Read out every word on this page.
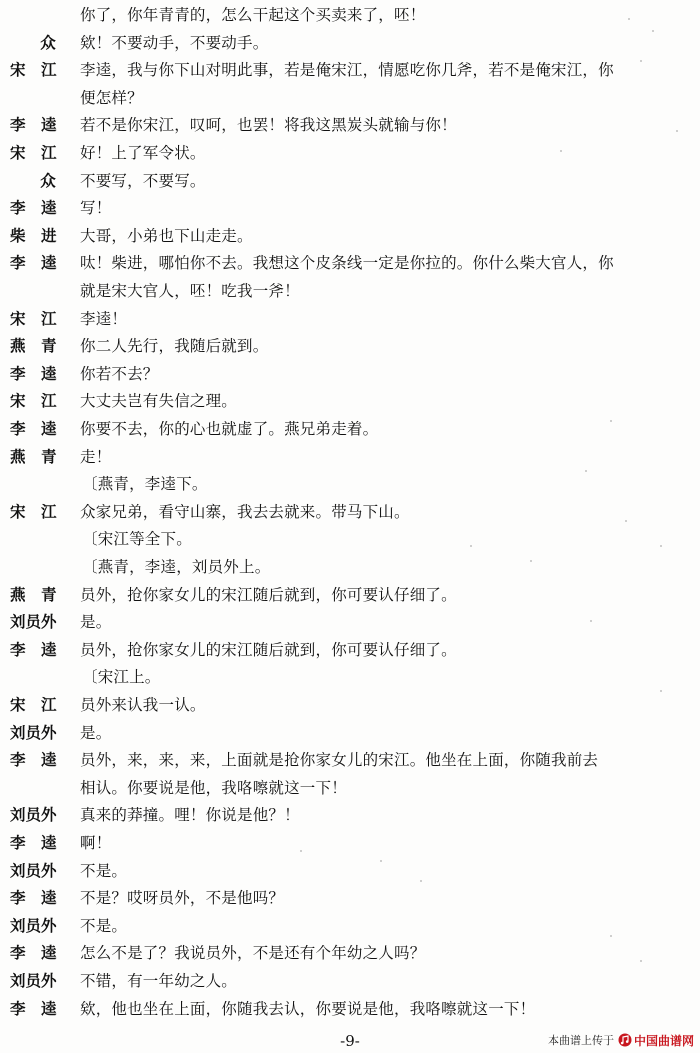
你了，你年青青的，怎么干起这个买卖来了，呸！
众	欸！不要动手，不要动手。
宋　江	李逵，我与你下山对明此事，若是俺宋江，情愿吃你几斧，若不是俺宋江，你
便怎样？
李　逵	若不是你宋江，叹呵，也罢！将我这黑炭头就输与你！
宋　江	好！上了军令状。
众	不要写，不要写。
李　逵	写！
柴　进	大哥，小弟也下山走走。
李　逵	呔！柴进，哪怕你不去。我想这个皮条线一定是你拉的。你什么柴大官人，你
就是宋大官人，呸！吃我一斧！
宋　江	李逵！
燕　青	你二人先行，我随后就到。
李　逵	你若不去？
宋　江	大丈夫岂有失信之理。
李　逵	你要不去，你的心也就虚了。燕兄弟走着。
燕　青	走！
〔燕青，李逵下。
宋　江	众家兄弟，看守山寨，我去去就来。带马下山。
〔宋江等全下。
〔燕青，李逵，刘员外上。
燕　青	员外，抢你家女儿的宋江随后就到，你可要认仔细了。
刘员外	是。
李　逵	员外，抢你家女儿的宋江随后就到，你可要认仔细了。
〔宋江上。
宋　江	员外来认我一认。
刘员外	是。
李　逵	员外，来，来，来，上面就是抢你家女儿的宋江。他坐在上面，你随我前去
相认。你要说是他，我咯嚓就这一下！
刘员外	真来的莽撞。哩！你说是他？！
李　逵	啊！
刘员外	不是。
李　逵	不是？哎呀员外，不是他吗？
刘员外	不是。
李　逵	怎么不是了？我说员外，不是还有个年幼之人吗？
刘员外	不错，有一年幼之人。
李　逵	欸，他也坐在上面，你随我去认，你要说是他，我咯嚓就这一下！
-9-	本曲谱上传于 中国曲谱网
